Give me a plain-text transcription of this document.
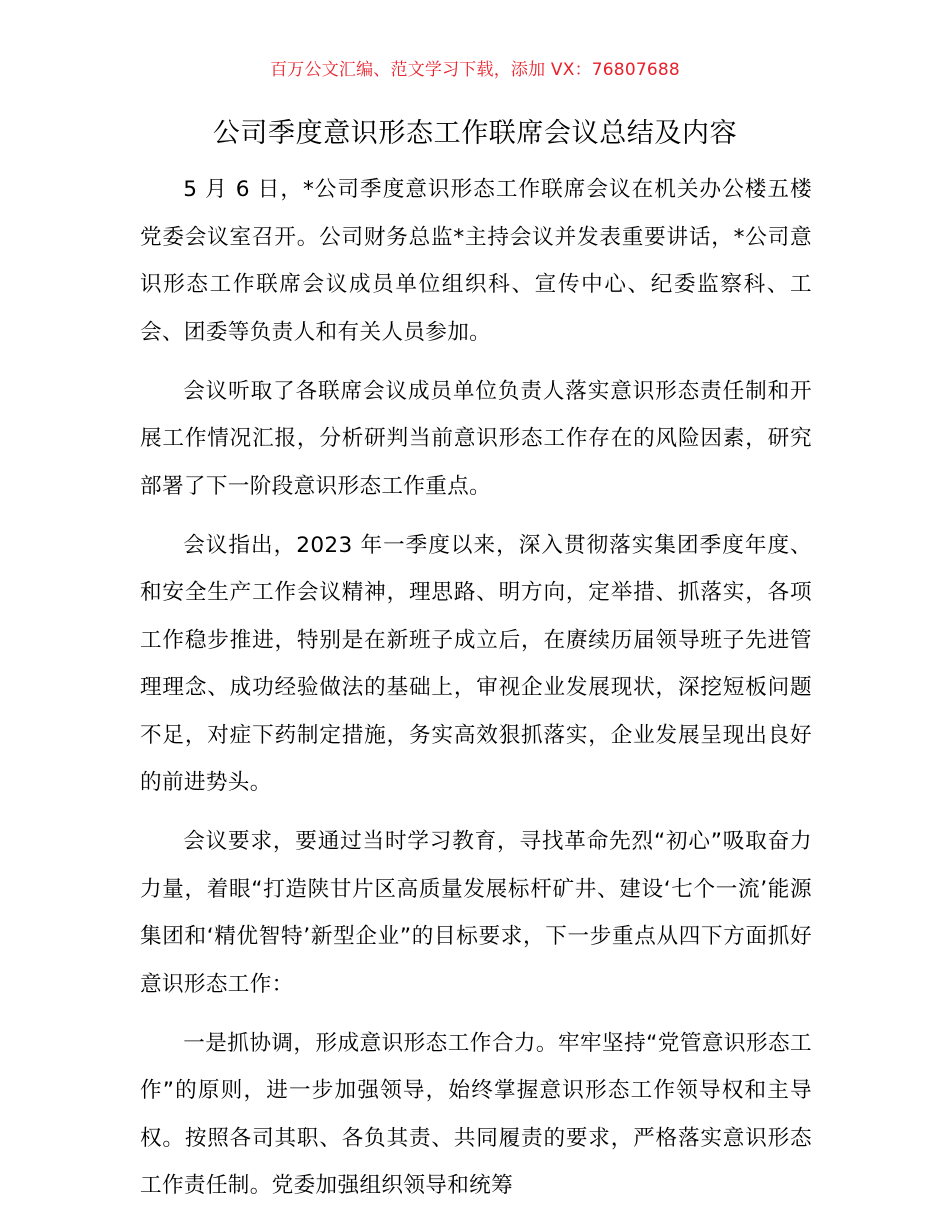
百万公文汇编、范文学习下载，添加 VX：76807688
公司季度意识形态工作联席会议总结及内容

5 月 6 日，*公司季度意识形态工作联席会议在机关办公楼五楼党委会议室召开。公司财务总监*主持会议并发表重要讲话，*公司意识形态工作联席会议成员单位组织科、宣传中心、纪委监察科、工会、团委等负责人和有关人员参加。

会议听取了各联席会议成员单位负责人落实意识形态责任制和开展工作情况汇报，分析研判当前意识形态工作存在的风险因素，研究部署了下一阶段意识形态工作重点。

会议指出，2023 年一季度以来，深入贯彻落实集团季度年度、和安全生产工作会议精神，理思路、明方向，定举措、抓落实，各项工作稳步推进，特别是在新班子成立后，在赓续历届领导班子先进管理理念、成功经验做法的基础上，审视企业发展现状，深挖短板问题不足，对症下药制定措施，务实高效狠抓落实，企业发展呈现出良好的前进势头。

会议要求，要通过当时学习教育，寻找革命先烈“初心”吸取奋力力量，着眼“打造陕甘片区高质量发展标杆矿井、建设‘七个一流’能源集团和‘精优智特’新型企业”的目标要求，下一步重点从四下方面抓好意识形态工作：

一是抓协调，形成意识形态工作合力。牢牢坚持“党管意识形态工作”的原则，进一步加强领导，始终掌握意识形态工作领导权和主导权。按照各司其职、各负其责、共同履责的要求，严格落实意识形态工作责任制。党委加强组织领导和统筹
